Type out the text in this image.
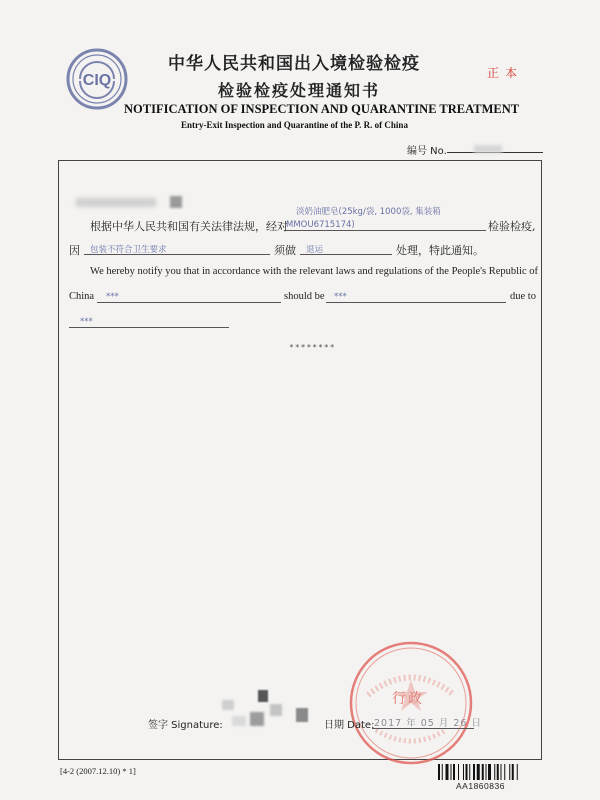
CIQ
中华人民共和国出入境检验检疫	正本
检验检疫处理通知书
NOTIFICATION OF INSPECTION AND QUARANTINE TREATMENT
Entry-Exit Inspection and Quarantine of the P. R. of China
编号 No.
根据中华人民共和国有关法律法规，经对
淡奶油肥皂(25kg/袋, 1000袋, 集装箱
MMOU6715174)	检验检疫,
因 包装不符合卫生要求	须做 退运	处理，特此通知。
We hereby notify you that in accordance with the relevant laws and regulations of the People's Republic of
China ***	should be ***	due to
***
********
行政
签字 Signature:	日期 Date: 2017 年 05 月 26 日
[4-2 (2007.12.10) * 1]
AA1860836
